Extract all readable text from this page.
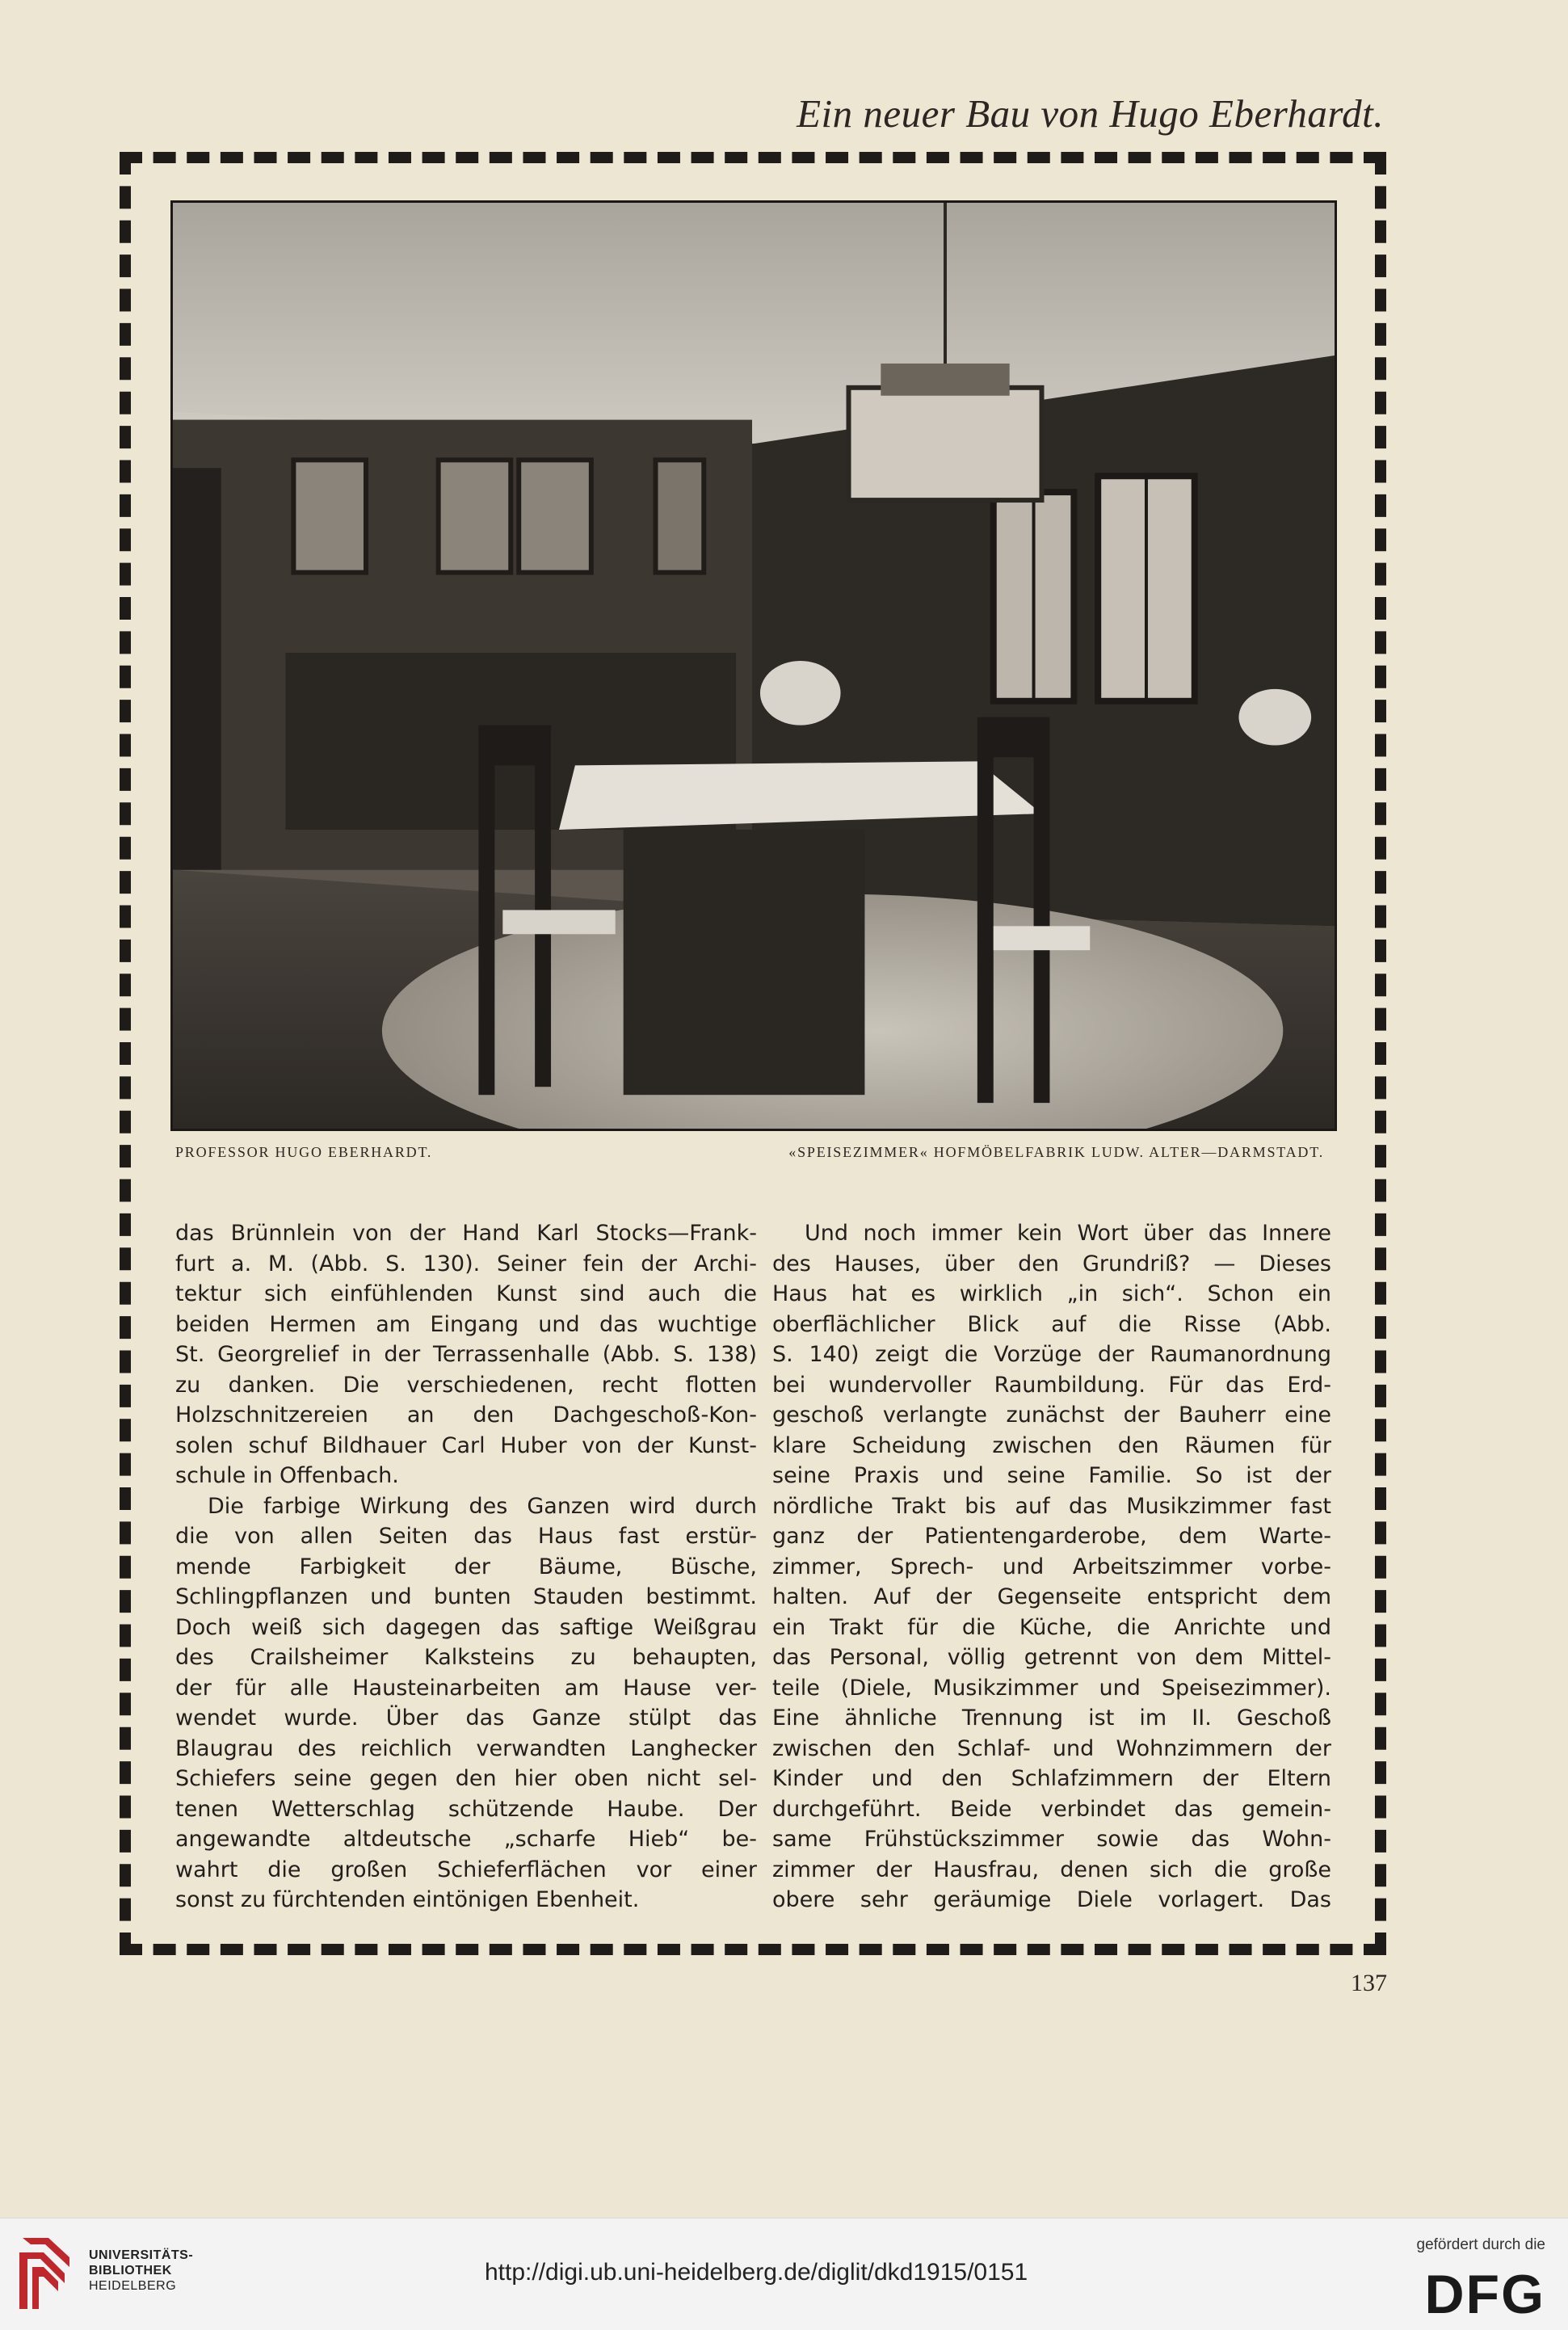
Ein neuer Bau von Hugo Eberhardt.
PROFESSOR HUGO EBERHARDT.	«SPEISEZIMMER« HOFMÖBELFABRIK LUDW. ALTER—DARMSTADT.
das Brünnlein von der Hand Karl Stocks—Frank-
furt a. M. (Abb. S. 130). Seiner fein der Archi-
tektur sich einfühlenden Kunst sind auch die
beiden Hermen am Eingang und das wuchtige
St. Georgrelief in der Terrassenhalle (Abb. S. 138)
zu danken. Die verschiedenen, recht flotten
Holzschnitzereien an den Dachgeschoß-Kon-
solen schuf Bildhauer Carl Huber von der Kunst-
schule in Offenbach.
Die farbige Wirkung des Ganzen wird durch
die von allen Seiten das Haus fast erstür-
mende Farbigkeit der Bäume, Büsche,
Schlingpflanzen und bunten Stauden bestimmt.
Doch weiß sich dagegen das saftige Weißgrau
des Crailsheimer Kalksteins zu behaupten,
der für alle Hausteinarbeiten am Hause ver-
wendet wurde. Über das Ganze stülpt das
Blaugrau des reichlich verwandten Langhecker
Schiefers seine gegen den hier oben nicht sel-
tenen Wetterschlag schützende Haube. Der
angewandte altdeutsche „scharfe Hieb“ be-
wahrt die großen Schieferflächen vor einer
sonst zu fürchtenden eintönigen Ebenheit.
Und noch immer kein Wort über das Innere
des Hauses, über den Grundriß? — Dieses
Haus hat es wirklich „in sich“. Schon ein
oberflächlicher Blick auf die Risse (Abb.
S. 140) zeigt die Vorzüge der Raumanordnung
bei wundervoller Raumbildung. Für das Erd-
geschoß verlangte zunächst der Bauherr eine
klare Scheidung zwischen den Räumen für
seine Praxis und seine Familie. So ist der
nördliche Trakt bis auf das Musikzimmer fast
ganz der Patientengarderobe, dem Warte-
zimmer, Sprech- und Arbeitszimmer vorbe-
halten. Auf der Gegenseite entspricht dem
ein Trakt für die Küche, die Anrichte und
das Personal, völlig getrennt von dem Mittel-
teile (Diele, Musikzimmer und Speisezimmer).
Eine ähnliche Trennung ist im II. Geschoß
zwischen den Schlaf- und Wohnzimmern der
Kinder und den Schlafzimmern der Eltern
durchgeführt. Beide verbindet das gemein-
same Frühstückszimmer sowie das Wohn-
zimmer der Hausfrau, denen sich die große
obere sehr geräumige Diele vorlagert. Das
137
UNIVERSITÄTS-
BIBLIOTHEK
HEIDELBERG
http://digi.ub.uni-heidelberg.de/diglit/dkd1915/0151
gefördert durch die
DFG
